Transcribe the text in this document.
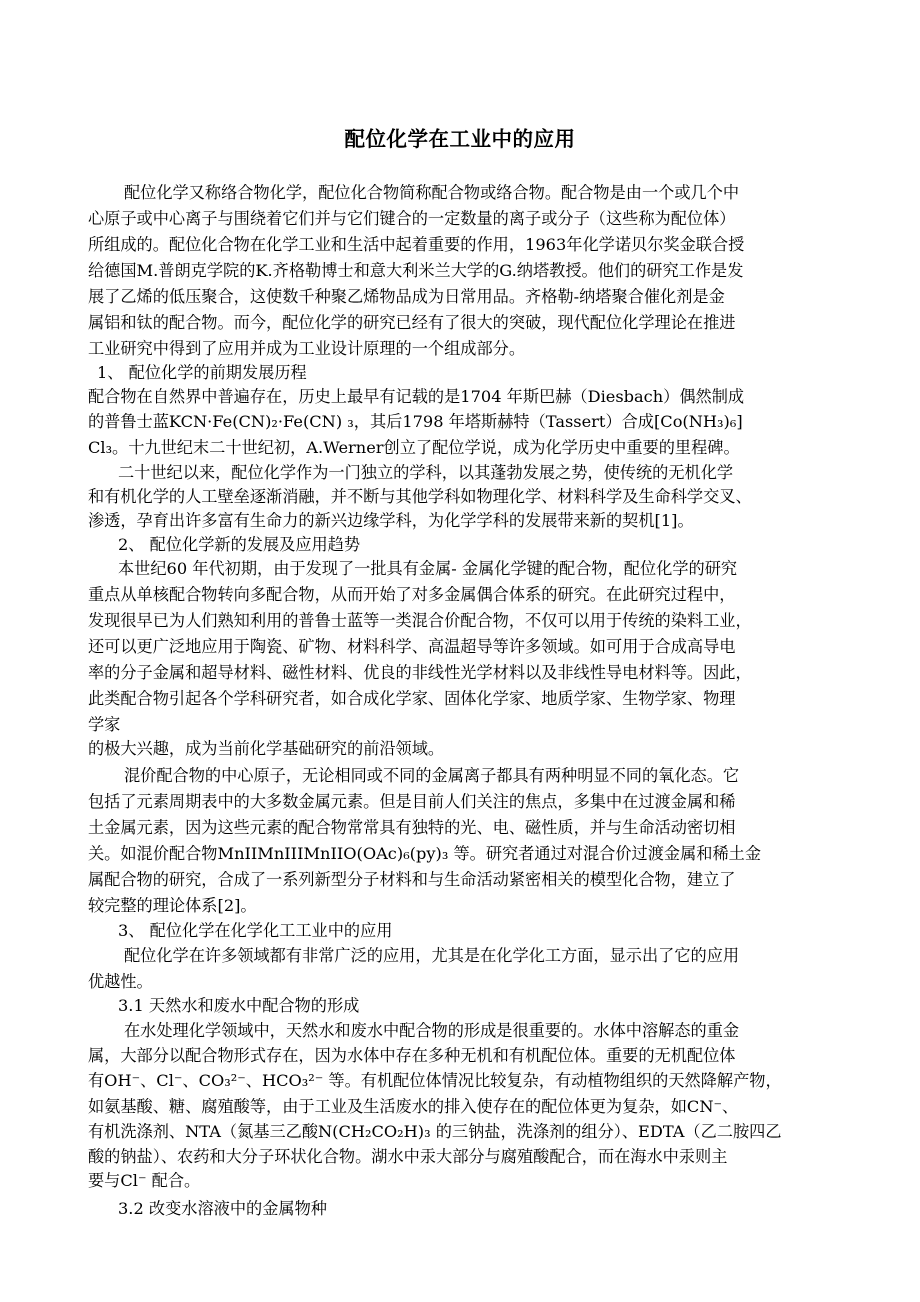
配位化学在工业中的应用
配位化学又称络合物化学，配位化合物简称配合物或络合物。配合物是由一个或几个中
心原子或中心离子与围绕着它们并与它们键合的一定数量的离子或分子（这些称为配位体）
所组成的。配位化合物在化学工业和生活中起着重要的作用，1963年化学诺贝尔奖金联合授
给德国M.普朗克学院的K.齐格勒博士和意大利米兰大学的G.纳塔教授。他们的研究工作是发
展了乙烯的低压聚合，这使数千种聚乙烯物品成为日常用品。齐格勒-纳塔聚合催化剂是金
属铝和钛的配合物。而今，配位化学的研究已经有了很大的突破，现代配位化学理论在推进
工业研究中得到了应用并成为工业设计原理的一个组成部分。
1、 配位化学的前期发展历程
配合物在自然界中普遍存在，历史上最早有记载的是1704 年斯巴赫（Diesbach）偶然制成
的普鲁士蓝KCN·Fe(CN)₂·Fe(CN) ₃，其后1798 年塔斯赫特（Tassert）合成[Co(NH₃)₆]
Cl₃。十九世纪末二十世纪初，A.Werner创立了配位学说，成为化学历史中重要的里程碑。
二十世纪以来，配位化学作为一门独立的学科，以其蓬勃发展之势，使传统的无机化学
和有机化学的人工壁垒逐渐消融，并不断与其他学科如物理化学、材料科学及生命科学交叉、
渗透，孕育出许多富有生命力的新兴边缘学科，为化学学科的发展带来新的契机[1]。
2、 配位化学新的发展及应用趋势
本世纪60 年代初期，由于发现了一批具有金属- 金属化学键的配合物，配位化学的研究
重点从单核配合物转向多配合物，从而开始了对多金属偶合体系的研究。在此研究过程中，
发现很早已为人们熟知利用的普鲁士蓝等一类混合价配合物，不仅可以用于传统的染料工业，
还可以更广泛地应用于陶瓷、矿物、材料科学、高温超导等许多领域。如可用于合成高导电
率的分子金属和超导材料、磁性材料、优良的非线性光学材料以及非线性导电材料等。因此，
此类配合物引起各个学科研究者，如合成化学家、固体化学家、地质学家、生物学家、物理
学家
的极大兴趣，成为当前化学基础研究的前沿领域。
混价配合物的中心原子，无论相同或不同的金属离子都具有两种明显不同的氧化态。它
包括了元素周期表中的大多数金属元素。但是目前人们关注的焦点，多集中在过渡金属和稀
土金属元素，因为这些元素的配合物常常具有独特的光、电、磁性质，并与生命活动密切相
关。如混价配合物MnIIMnIIIMnIIO(OAc)₆(py)₃ 等。研究者通过对混合价过渡金属和稀土金
属配合物的研究，合成了一系列新型分子材料和与生命活动紧密相关的模型化合物，建立了
较完整的理论体系[2]。
3、 配位化学在化学化工工业中的应用
配位化学在许多领域都有非常广泛的应用，尤其是在化学化工方面，显示出了它的应用
优越性。
3.1 天然水和废水中配合物的形成
在水处理化学领域中，天然水和废水中配合物的形成是很重要的。水体中溶解态的重金
属，大部分以配合物形式存在，因为水体中存在多种无机和有机配位体。重要的无机配位体
有OH⁻、Cl⁻、CO₃²⁻、HCO₃²⁻ 等。有机配位体情况比较复杂，有动植物组织的天然降解产物，
如氨基酸、糖、腐殖酸等，由于工业及生活废水的排入使存在的配位体更为复杂，如CN⁻、
有机洗涤剂、NTA（氮基三乙酸N(CH₂CO₂H)₃ 的三钠盐，洗涤剂的组分）、EDTA（乙二胺四乙
酸的钠盐）、农药和大分子环状化合物。湖水中汞大部分与腐殖酸配合，而在海水中汞则主
要与Cl⁻ 配合。
3.2 改变水溶液中的金属物种
